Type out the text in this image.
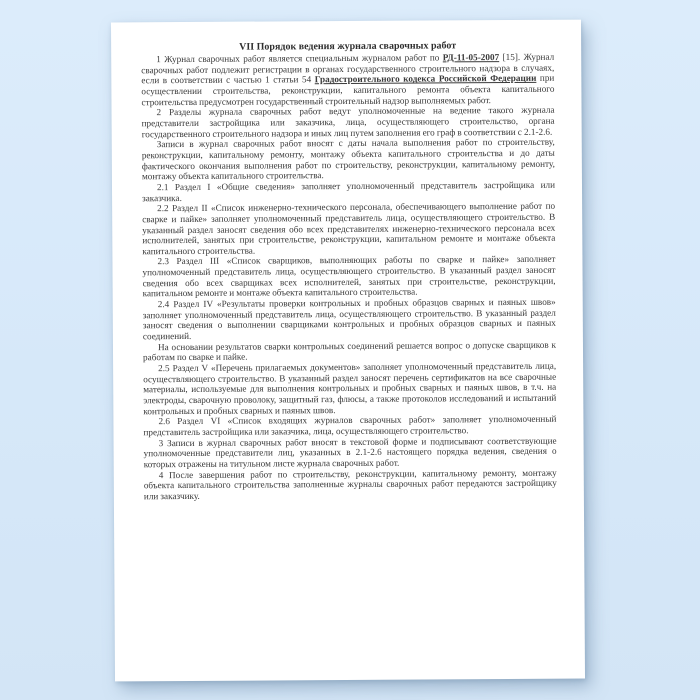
VII Порядок ведения журнала сварочных работ

1 Журнал сварочных работ является специальным журналом работ по РД-11-05-2007 [15]. Журнал сварочных работ подлежит регистрации в органах государственного строительного надзора в случаях, если в соответствии с частью 1 статьи 54 Градостроительного кодекса Российской Федерации при осуществлении строительства, реконструкции, капитального ремонта объекта капитального строительства предусмотрен государственный строительный надзор выполняемых работ.

2 Разделы журнала сварочных работ ведут уполномоченные на ведение такого журнала представители застройщика или заказчика, лица, осуществляющего строительство, органа государственного строительного надзора и иных лиц путем заполнения его граф в соответствии с 2.1-2.6.

Записи в журнал сварочных работ вносят с даты начала выполнения работ по строительству, реконструкции, капитальному ремонту, монтажу объекта капитального строительства и до даты фактического окончания выполнения работ по строительству, реконструкции, капитальному ремонту, монтажу объекта капитального строительства.

2.1 Раздел I «Общие сведения» заполняет уполномоченный представитель застройщика или заказчика.

2.2 Раздел II «Список инженерно-технического персонала, обеспечивающего выполнение работ по сварке и пайке» заполняет уполномоченный представитель лица, осуществляющего строительство. В указанный раздел заносят сведения обо всех представителях инженерно-технического персонала всех исполнителей, занятых при строительстве, реконструкции, капитальном ремонте и монтаже объекта капитального строительства.

2.3 Раздел III «Список сварщиков, выполняющих работы по сварке и пайке» заполняет уполномоченный представитель лица, осуществляющего строительство. В указанный раздел заносят сведения обо всех сварщиках всех исполнителей, занятых при строительстве, реконструкции, капитальном ремонте и монтаже объекта капитального строительства.

2.4 Раздел IV «Результаты проверки контрольных и пробных образцов сварных и паяных швов» заполняет уполномоченный представитель лица, осуществляющего строительство. В указанный раздел заносят сведения о выполнении сварщиками контрольных и пробных образцов сварных и паяных соединений.

На основании результатов сварки контрольных соединений решается вопрос о допуске сварщиков к работам по сварке и пайке.

2.5 Раздел V «Перечень прилагаемых документов» заполняет уполномоченный представитель лица, осуществляющего строительство. В указанный раздел заносят перечень сертификатов на все сварочные материалы, используемые для выполнения контрольных и пробных сварных и паяных швов, в т.ч. на электроды, сварочную проволоку, защитный газ, флюсы, а также протоколов исследований и испытаний контрольных и пробных сварных и паяных швов.

2.6 Раздел VI «Список входящих журналов сварочных работ» заполняет уполномоченный представитель застройщика или заказчика, лица, осуществляющего строительство.

3 Записи в журнал сварочных работ вносят в текстовой форме и подписывают соответствующие уполномоченные представители лиц, указанных в 2.1-2.6 настоящего порядка ведения, сведения о которых отражены на титульном листе журнала сварочных работ.

4 После завершения работ по строительству, реконструкции, капитальному ремонту, монтажу объекта капитального строительства заполненные журналы сварочных работ передаются застройщику или заказчику.
